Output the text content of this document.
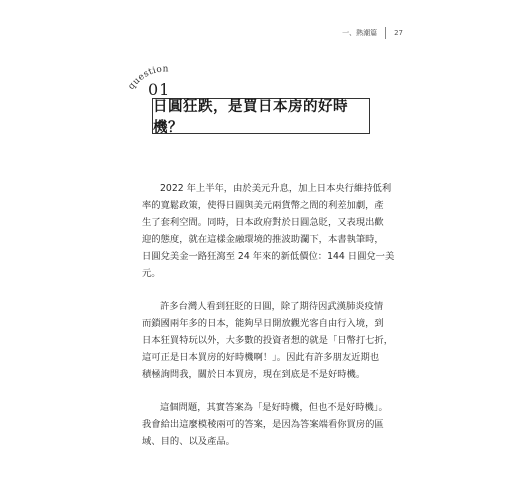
一、熱潮篇 27
question
01
日圓狂跌，是買日本房的好時機？
2022 年上半年，由於美元升息，加上日本央行維持低利
率的寬鬆政策，使得日圓與美元兩貨幣之間的利差加劇，產
生了套利空間。同時，日本政府對於日圓急貶，又表現出歡
迎的態度，就在這樣金融環境的推波助瀾下，本書執筆時，
日圓兌美金一路狂瀉至 24 年來的新低價位：144 日圓兌一美
元。
許多台灣人看到狂貶的日圓，除了期待因武漢肺炎疫情
而鎖國兩年多的日本，能夠早日開放觀光客自由行入境，到
日本狂買特玩以外，大多數的投資者想的就是「日幣打七折，
這可正是日本買房的好時機啊！」。因此有許多朋友近期也
積極詢問我，關於日本買房，現在到底是不是好時機。
這個問題，其實答案為「是好時機，但也不是好時機」。
我會給出這麼模稜兩可的答案，是因為答案端看你買房的區
域、目的、以及產品。
